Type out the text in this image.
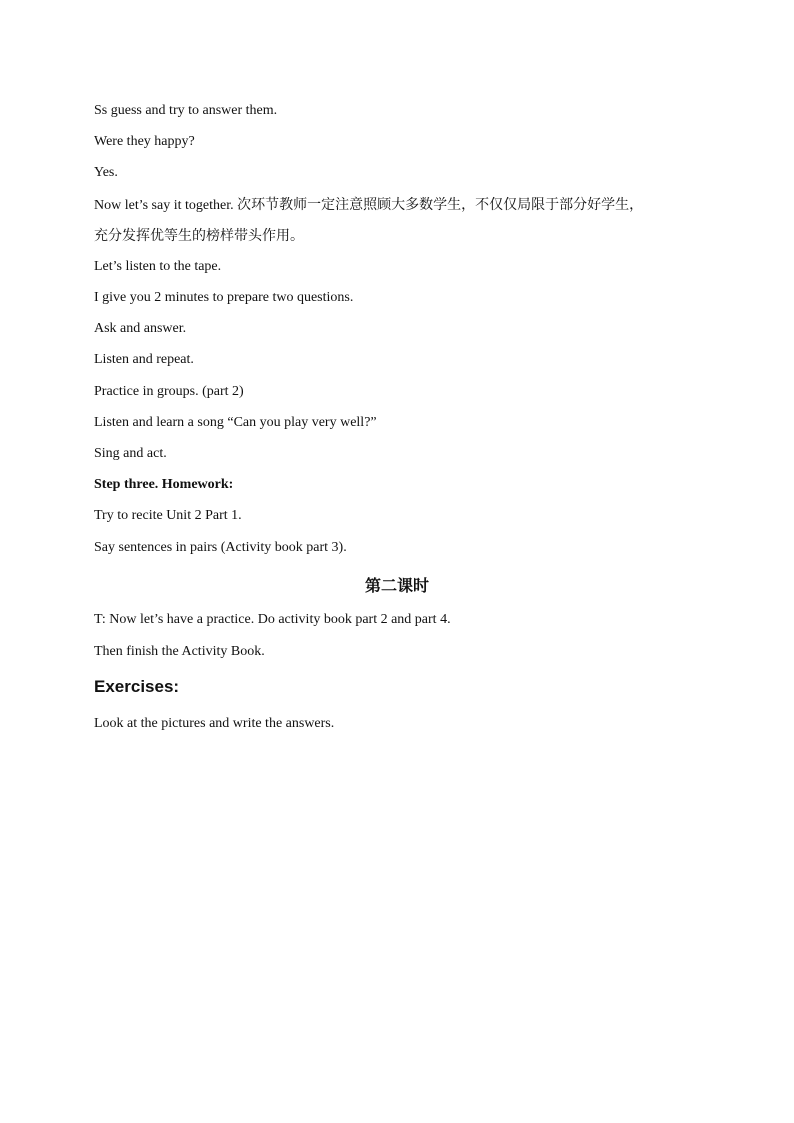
Ss guess and try to answer them.
Were they happy?
Yes.
Now let’s say it together. 次环节教师一定注意照顾大多数学生，不仅仅局限于部分好学生，
充分发挥优等生的榜样带头作用。
Let’s listen to the tape.
I give you 2 minutes to prepare two questions.
Ask and answer.
Listen and repeat.
Practice in groups. (part 2)
Listen and learn a song “Can you play very well?”
Sing and act.
Step three. Homework:
Try to recite Unit 2 Part 1.
Say sentences in pairs (Activity book part 3).
第二课时
T: Now let’s have a practice. Do activity book part 2 and part 4.
Then finish the Activity Book.
Exercises:
Look at the pictures and write the answers.
